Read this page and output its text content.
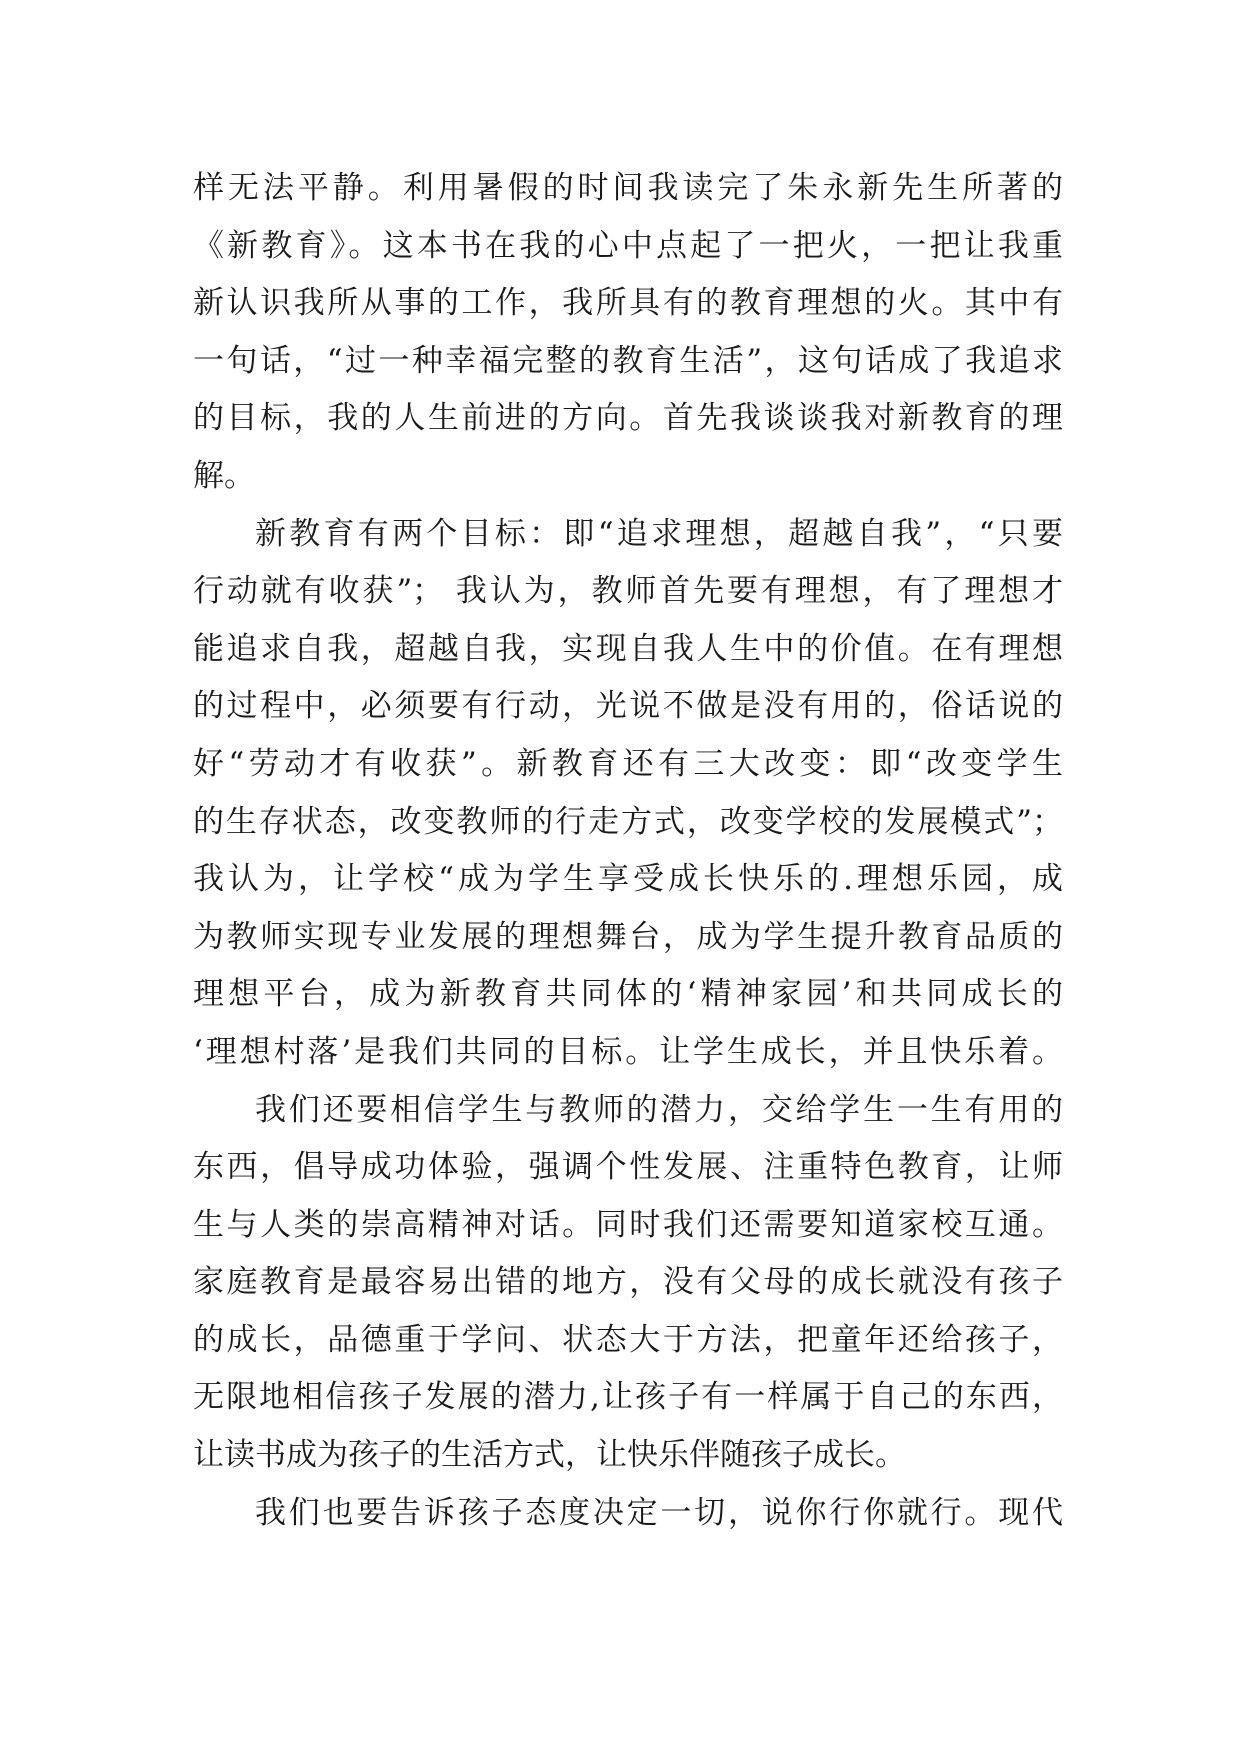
样无法平静。利用暑假的时间我读完了朱永新先生所著的
《新教育》。这本书在我的心中点起了一把火，一把让我重
新认识我所从事的工作，我所具有的教育理想的火。其中有
一句话，“过一种幸福完整的教育生活”，这句话成了我追求
的目标，我的人生前进的方向。首先我谈谈我对新教育的理
解。
新教育有两个目标：即“追求理想，超越自我”，“只要
行动就有收获”； 我认为，教师首先要有理想，有了理想才
能追求自我，超越自我，实现自我人生中的价值。在有理想
的过程中，必须要有行动，光说不做是没有用的，俗话说的
好“劳动才有收获”。新教育还有三大改变：即“改变学生
的生存状态，改变教师的行走方式，改变学校的发展模式”；
我认为，让学校“成为学生享受成长快乐的.理想乐园，成
为教师实现专业发展的理想舞台，成为学生提升教育品质的
理想平台，成为新教育共同体的‘精神家园’和共同成长的
‘理想村落’是我们共同的目标。让学生成长，并且快乐着。
我们还要相信学生与教师的潜力，交给学生一生有用的
东西，倡导成功体验，强调个性发展、注重特色教育，让师
生与人类的崇高精神对话。同时我们还需要知道家校互通。
家庭教育是最容易出错的地方，没有父母的成长就没有孩子
的成长，品德重于学问、状态大于方法，把童年还给孩子，
无限地相信孩子发展的潜力,让孩子有一样属于自己的东西，
让读书成为孩子的生活方式，让快乐伴随孩子成长。
我们也要告诉孩子态度决定一切，说你行你就行。现代
